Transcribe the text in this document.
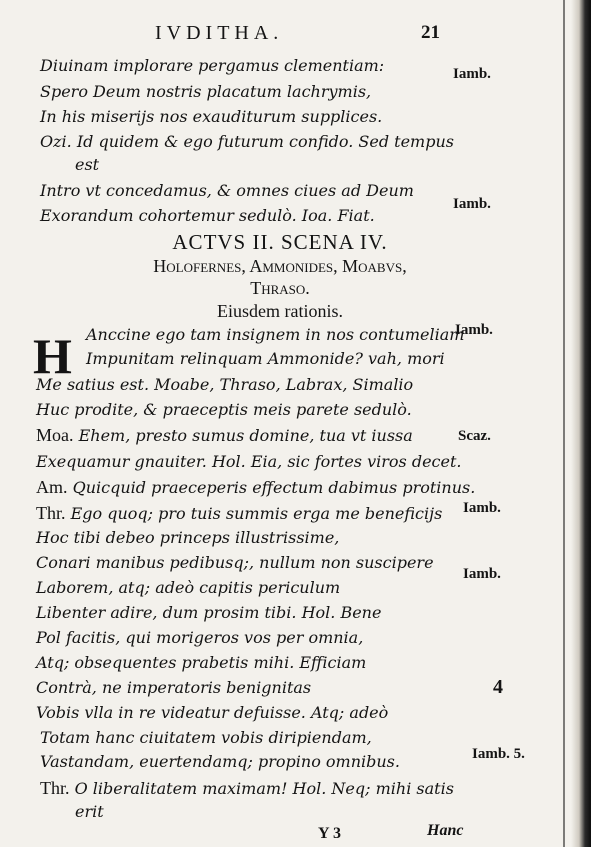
IVDITHA.	21
Diuinam implorare pergamus clementiam:
Spero Deum nostris placatum lachrymis,
In his miserijs nos exauditurum supplices.
Ozi. Id quidem & ego futurum confido. Sed tempus
est
Intro vt concedamus, & omnes ciues ad Deum
Exorandum cohortemur sedulò. Ioa. Fiat.
Iamb.
Iamb.
ACTVS II. SCENA IV.
Holofernes, Ammonides, Moabvs,
Thraso.
Eiusdem rationis.
H Anccine ego tam insignem in nos contumeliam
Impunitam relinquam Ammonide? vah, mori
Me satius est. Moabe, Thraso, Labrax, Simalio
Huc prodite, & praeceptis meis parete sedulò.
Moa. Ehem, presto sumus domine, tua vt iussa
Exequamur gnauiter. Hol. Eia, sic fortes viros decet.
Am. Quicquid praeceperis effectum dabimus protinus.
Thr. Ego quoq; pro tuis summis erga me beneficijs
Hoc tibi debeo princeps illustrissime,
Conari manibus pedibusq;, nullum non suscipere
Laborem, atq; adeò capitis periculum
Libenter adire, dum prosim tibi. Hol. Bene
Pol facitis, qui morigeros vos per omnia,
Atq; obsequentes prabetis mihi. Efficiam
Contrà, ne imperatoris benignitas
Vobis vlla in re videatur defuisse. Atq; adeò
Totam hanc ciuitatem vobis diripiendam,
Vastandam, euertendamq; propino omnibus.
Thr. O liberalitatem maximam! Hol. Neq; mihi satis
erit
Iamb.
Scaz.
Iamb.
Iamb.
4
Iamb. 5.
Y 3	Hanc
